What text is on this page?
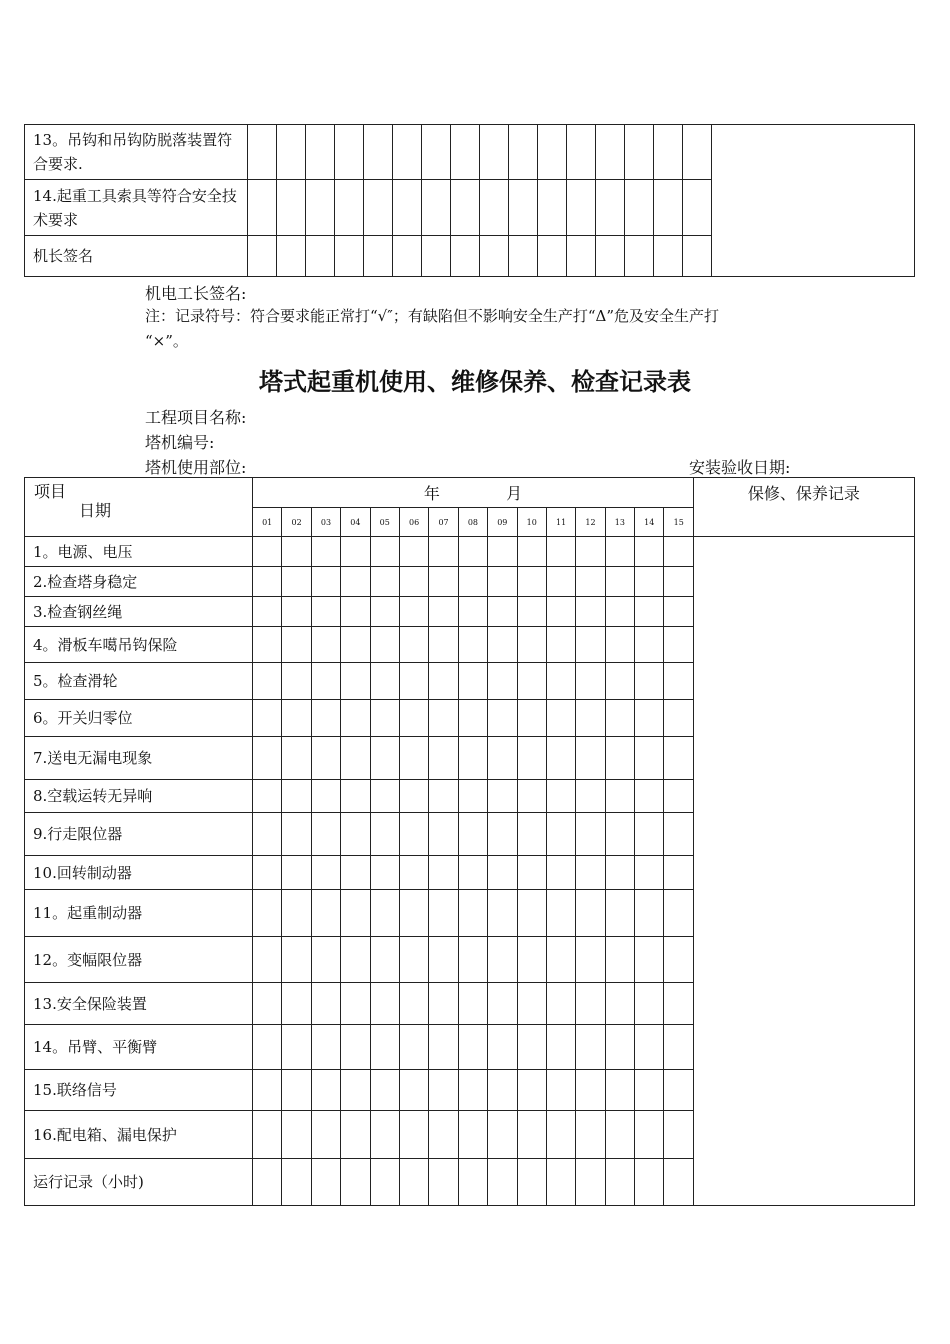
13。吊钩和吊钩防脱落装置符合要求.																	
14.起重工具索具等符合安全技术要求																	
机长签名																	
机电工长签名:
注：记录符号：符合要求能正常打“√″；有缺陷但不影响安全生产打“Δ”危及安全生产打
“×”。
塔式起重机使用、维修保养、检查记录表
工程项目名称:
塔机编号:
塔机使用部位:	安装验收日期:
项目
日期	年 月															保修、保养记录
	01	02	03	04	05	06	07	08	09	10	11	12	13	14	15	
1。电源、电压																
2.检查塔身稳定																
3.检查钢丝绳																
4。滑板车噶吊钩保险																
5。检查滑轮																
6。开关归零位																
7.送电无漏电现象																
8.空载运转无异响																
9.行走限位器																
10.回转制动器																
11。起重制动器																
12。变幅限位器																
13.安全保险装置																
14。吊臂、平衡臂																
15.联络信号																
16.配电箱、漏电保护																
运行记录（小时)																
